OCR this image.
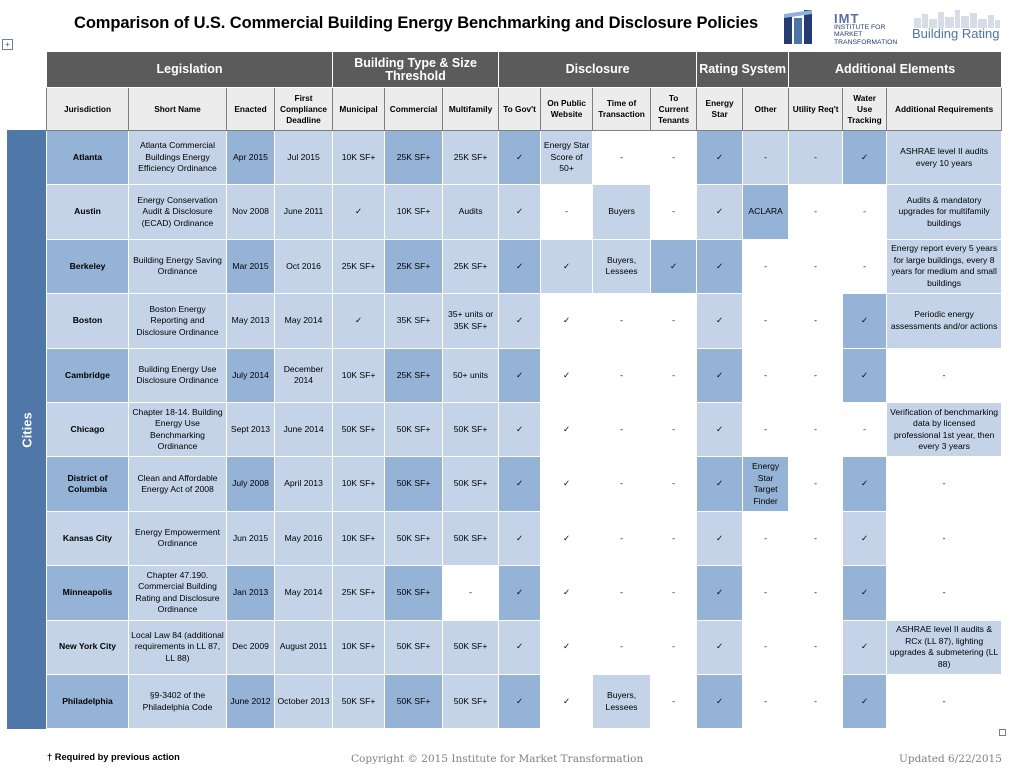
Comparison of U.S. Commercial Building Energy Benchmarking and Disclosure Policies	IMT
INSTITUTE FOR MARKET TRANSFORMATION
Building Rating
+
Cities
Legislation				Building Type & Size Threshold			Disclosure				Rating System		Additional Elements		
Jurisdiction	Short Name	Enacted	First Compliance Deadline	Municipal	Commercial	Multifamily	To Gov't	On Public Website	Time of Transaction	To Current Tenants	Energy Star	Other	Utility Req't	Water Use Tracking	Additional Requirements
Atlanta	Atlanta Commercial Buildings Energy Efficiency Ordinance	Apr 2015	Jul 2015	10K SF+	25K SF+	25K SF+	✓	Energy Star Score of 50+	-	-	✓	-	-	✓	ASHRAE level II audits every 10 years
Austin	Energy Conservation Audit & Disclosure (ECAD) Ordinance	Nov 2008	June 2011	✓	10K SF+	Audits	✓	-	Buyers	-	✓	ACLARA	-	-	Audits & mandatory upgrades for multifamily buildings
Berkeley	Building Energy Saving Ordinance	Mar 2015	Oct 2016	25K SF+	25K SF+	25K SF+	✓	✓	Buyers, Lessees	✓	✓	-	-	-	Energy report every 5 years for large buildings, every 8 years for medium and small buildings
Boston	Boston Energy Reporting and Disclosure Ordinance	May 2013	May 2014	✓	35K SF+	35+ units or 35K SF+	✓	✓	-	-	✓	-	-	✓	Periodic energy assessments and/or actions
Cambridge	Building Energy Use Disclosure Ordinance	July 2014	December 2014	10K SF+	25K SF+	50+ units	✓	✓	-	-	✓	-	-	✓	-
Chicago	Chapter 18-14. Building Energy Use Benchmarking Ordinance	Sept 2013	June 2014	50K SF+	50K SF+	50K SF+	✓	✓	-	-	✓	-	-	-	Verification of benchmarking data by licensed professional 1st year, then every 3 years
District of Columbia	Clean and Affordable Energy Act of 2008	July 2008	April 2013	10K SF+	50K SF+	50K SF+	✓	✓	-	-	✓	Energy Star Target Finder	-	✓	-
Kansas City	Energy Empowerment Ordinance	Jun 2015	May 2016	10K SF+	50K SF+	50K SF+	✓	✓	-	-	✓	-	-	✓	-
Minneapolis	Chapter 47.190. Commercial Building Rating and Disclosure Ordinance	Jan 2013	May 2014	25K SF+	50K SF+	-	✓	✓	-	-	✓	-	-	✓	-
New York City	Local Law 84 (additional requirements in LL 87, LL 88)	Dec 2009	August 2011	10K SF+	50K SF+	50K SF+	✓	✓	-	-	✓	-	-	✓	ASHRAE level II audits & RCx (LL 87), lighting upgrades & submetering (LL 88)
Philadelphia	§9-3402 of the Philadelphia Code	June 2012	October 2013	50K SF+	50K SF+	50K SF+	✓	✓	Buyers, Lessees	-	✓	-	-	✓	-
† Required by previous action	Copyright © 2015 Institute for Market Transformation	Updated 6/22/2015
